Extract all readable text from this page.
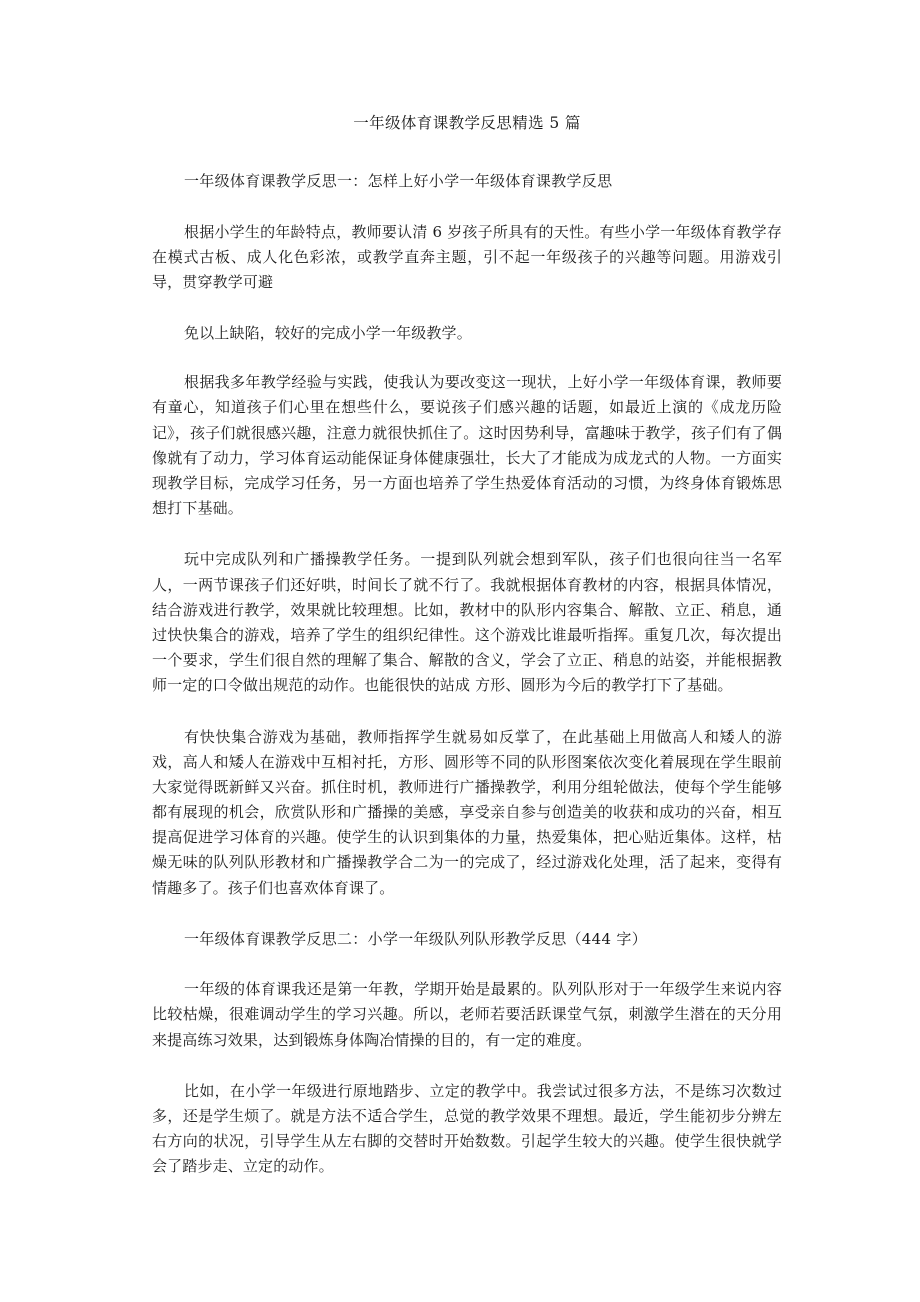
一年级体育课教学反思精选 5 篇
一年级体育课教学反思一：怎样上好小学一年级体育课教学反思

根据小学生的年龄特点，教师要认清 6 岁孩子所具有的天性。有些小学一年级体育教学存在模式古板、成人化色彩浓，或教学直奔主题，引不起一年级孩子的兴趣等问题。用游戏引导，贯穿教学可避

免以上缺陷，较好的完成小学一年级教学。

根据我多年教学经验与实践，使我认为要改变这一现状，上好小学一年级体育课，教师要有童心，知道孩子们心里在想些什么，要说孩子们感兴趣的话题，如最近上演的《成龙历险记》，孩子们就很感兴趣，注意力就很快抓住了。这时因势利导，富趣味于教学，孩子们有了偶像就有了动力，学习体育运动能保证身体健康强壮，长大了才能成为成龙式的人物。一方面实现教学目标，完成学习任务，另一方面也培养了学生热爱体育活动的习惯，为终身体育锻炼思想打下基础。

玩中完成队列和广播操教学任务。一提到队列就会想到军队，孩子们也很向往当一名军人，一两节课孩子们还好哄，时间长了就不行了。我就根据体育教材的内容，根据具体情况，结合游戏进行教学，效果就比较理想。比如，教材中的队形内容集合、解散、立正、稍息，通过快快集合的游戏，培养了学生的组织纪律性。这个游戏比谁最听指挥。重复几次，每次提出一个要求，学生们很自然的理解了集合、解散的含义，学会了立正、稍息的站姿，并能根据教师一定的口令做出规范的动作。也能很快的站成 方形、圆形为今后的教学打下了基础。

有快快集合游戏为基础，教师指挥学生就易如反掌了，在此基础上用做高人和矮人的游戏，高人和矮人在游戏中互相衬托，方形、圆形等不同的队形图案依次变化着展现在学生眼前大家觉得既新鲜又兴奋。抓住时机，教师进行广播操教学，利用分组轮做法，使每个学生能够都有展现的机会，欣赏队形和广播操的美感，享受亲自参与创造美的收获和成功的兴奋，相互提高促进学习体育的兴趣。使学生的认识到集体的力量，热爱集体，把心贴近集体。这样，枯燥无味的队列队形教材和广播操教学合二为一的完成了，经过游戏化处理，活了起来，变得有情趣多了。孩子们也喜欢体育课了。

一年级体育课教学反思二：小学一年级队列队形教学反思（444 字）

一年级的体育课我还是第一年教，学期开始是最累的。队列队形对于一年级学生来说内容比较枯燥，很难调动学生的学习兴趣。所以，老师若要活跃课堂气氛，刺激学生潜在的天分用来提高练习效果，达到锻炼身体陶冶情操的目的，有一定的难度。

比如，在小学一年级进行原地踏步、立定的教学中。我尝试过很多方法，不是练习次数过多，还是学生烦了。就是方法不适合学生，总觉的教学效果不理想。最近，学生能初步分辨左右方向的状况，引导学生从左右脚的交替时开始数数。引起学生较大的兴趣。使学生很快就学会了踏步走、立定的动作。
